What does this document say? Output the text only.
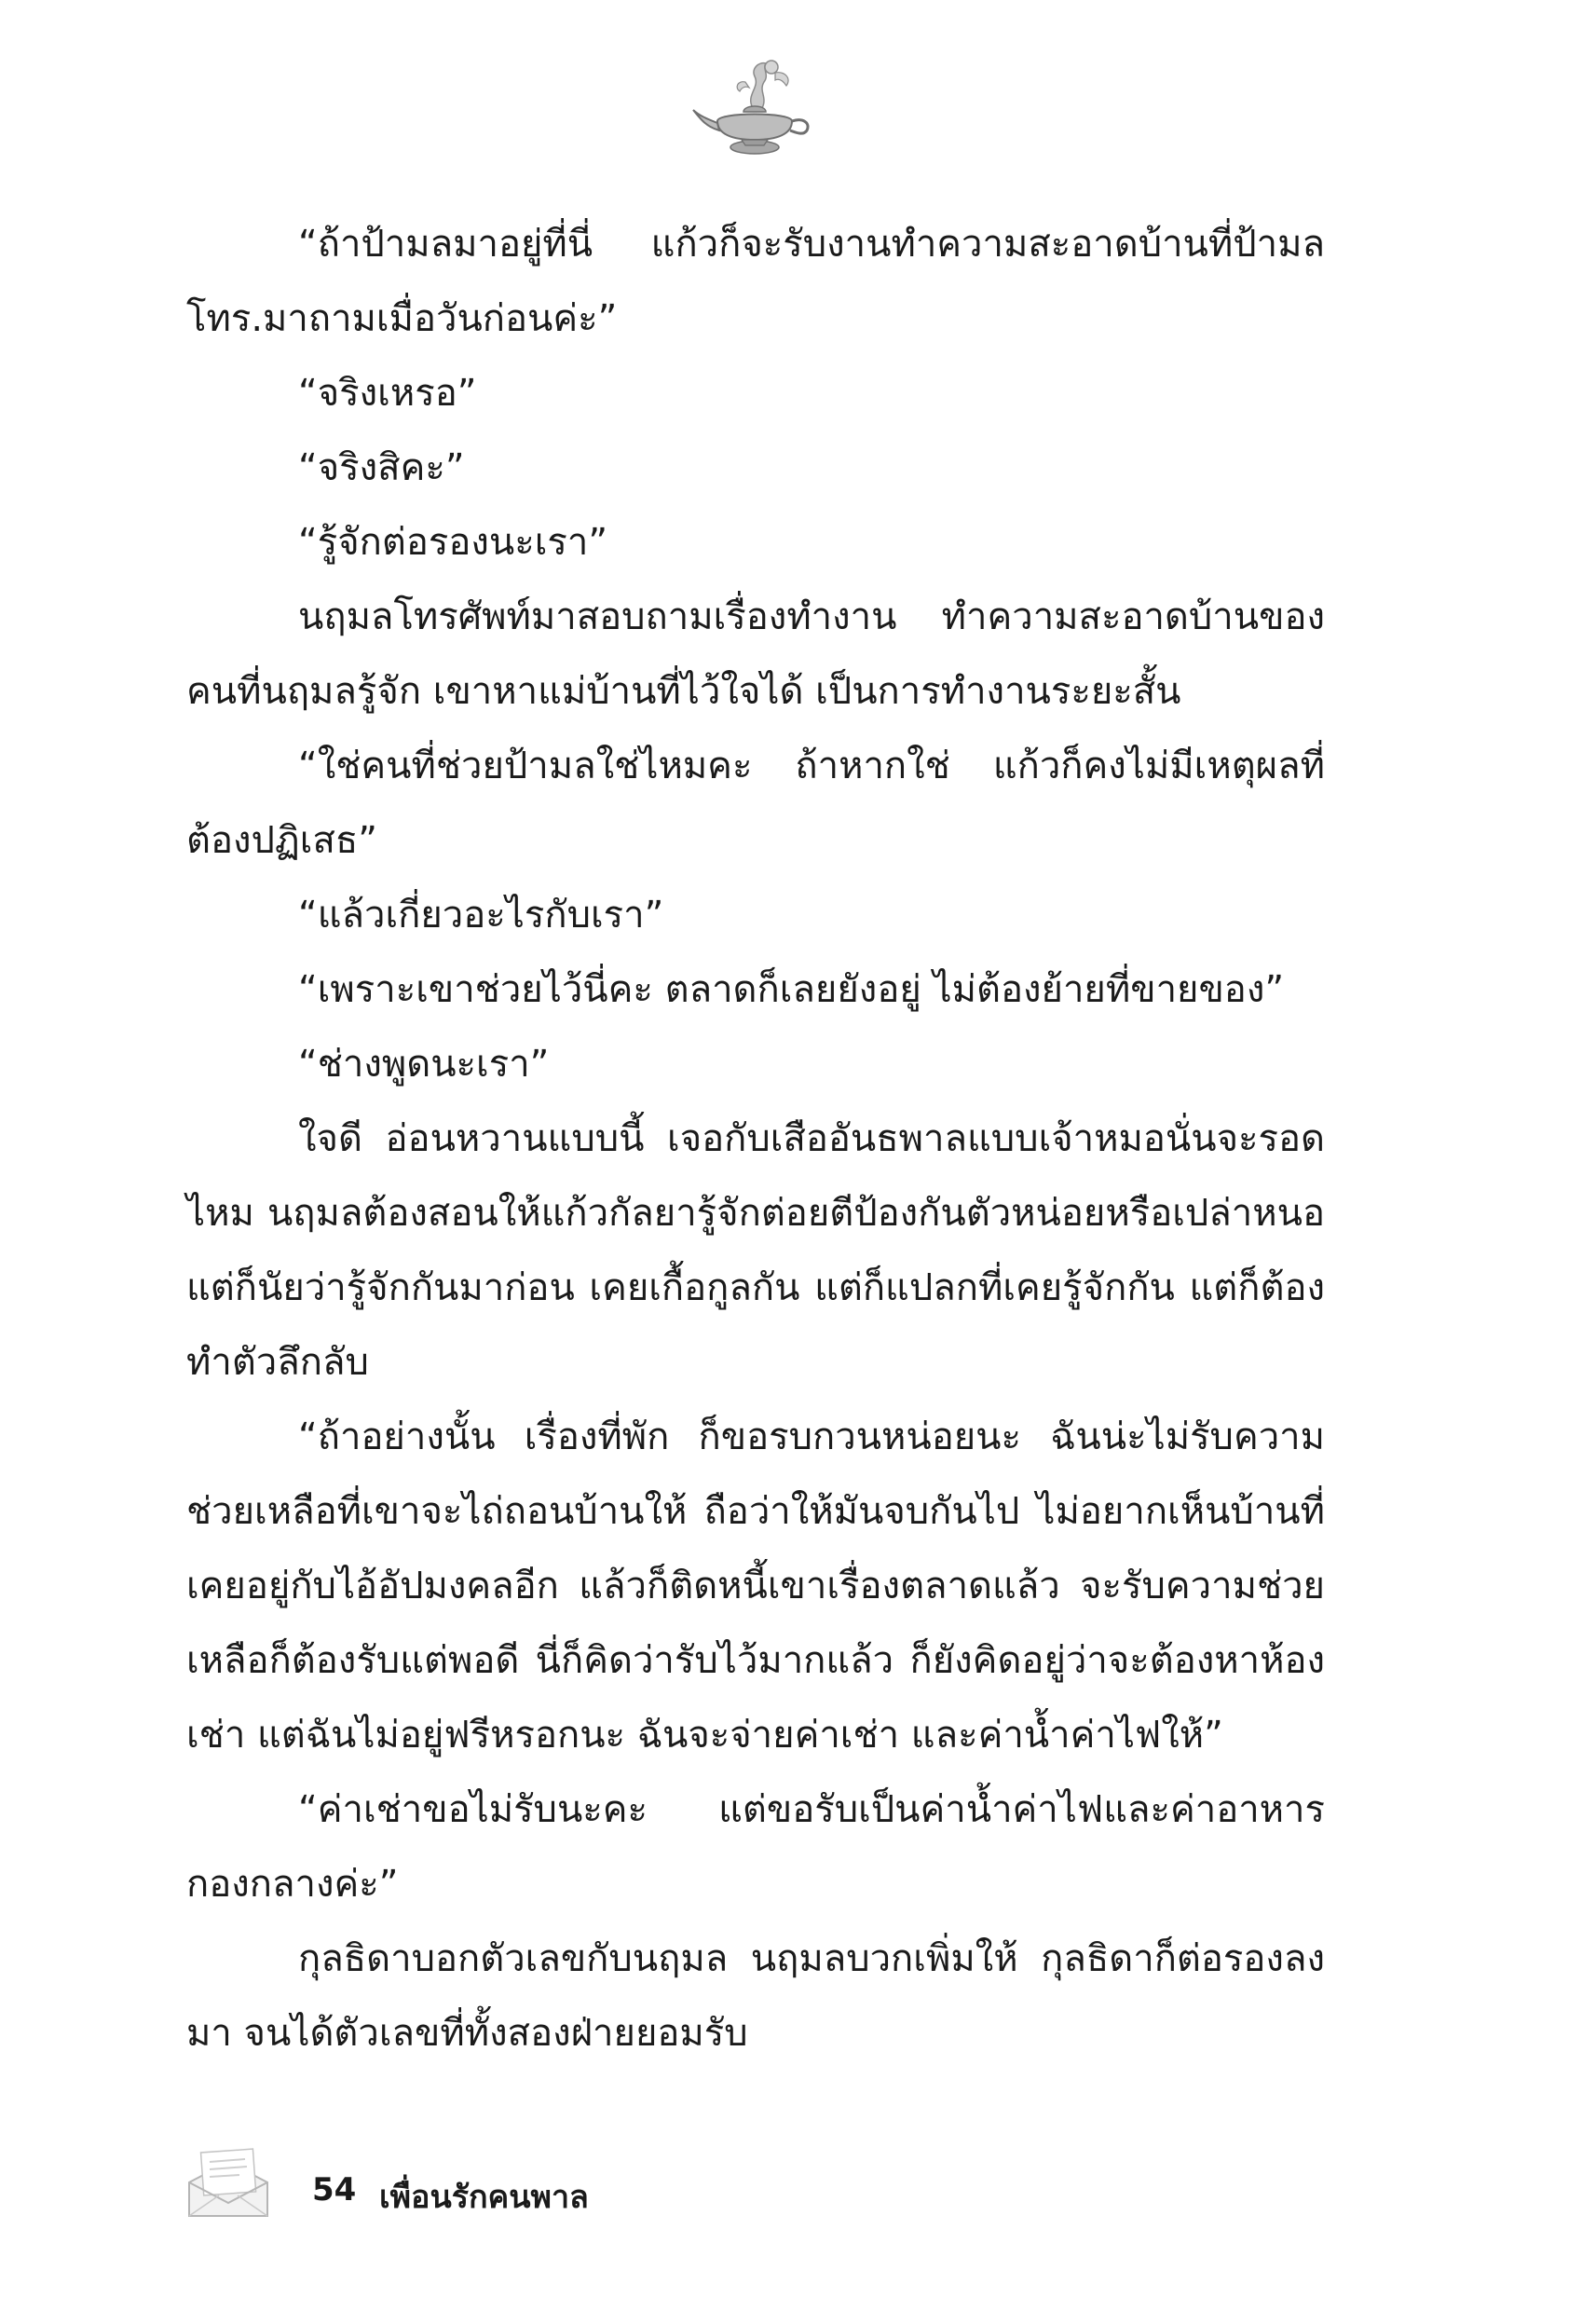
“ถ้าป้ามลมาอยู่ที่นี่ แก้วก็จะรับงานทำความสะอาดบ้านที่ป้ามลโทร.มาถามเมื่อวันก่อนค่ะ”

“จริงเหรอ”

“จริงสิคะ”

“รู้จักต่อรองนะเรา”

นฤมลโทรศัพท์มาสอบถามเรื่องทำงาน ทำความสะอาดบ้านของคนที่นฤมลรู้จัก เขาหาแม่บ้านที่ไว้ใจได้ เป็นการทำงานระยะสั้น

“ใช่คนที่ช่วยป้ามลใช่ไหมคะ ถ้าหากใช่ แก้วก็คงไม่มีเหตุผลที่ต้องปฏิเสธ”

“แล้วเกี่ยวอะไรกับเรา”

“เพราะเขาช่วยไว้นี่คะ ตลาดก็เลยยังอยู่ ไม่ต้องย้ายที่ขายของ”

“ช่างพูดนะเรา”

ใจดี อ่อนหวานแบบนี้ เจอกับเสืออันธพาลแบบเจ้าหมอนั่นจะรอดไหม นฤมลต้องสอนให้แก้วกัลยารู้จักต่อยตีป้องกันตัวหน่อยหรือเปล่าหนอ แต่ก็นัยว่ารู้จักกันมาก่อน เคยเกื้อกูลกัน แต่ก็แปลกที่เคยรู้จักกัน แต่ก็ต้องทำตัวลึกลับ

“ถ้าอย่างนั้น เรื่องที่พัก ก็ขอรบกวนหน่อยนะ ฉันน่ะไม่รับความช่วยเหลือที่เขาจะไถ่ถอนบ้านให้ ถือว่าให้มันจบกันไป ไม่อยากเห็นบ้านที่เคยอยู่กับไอ้อัปมงคลอีก แล้วก็ติดหนี้เขาเรื่องตลาดแล้ว จะรับความช่วยเหลือก็ต้องรับแต่พอดี นี่ก็คิดว่ารับไว้มากแล้ว ก็ยังคิดอยู่ว่าจะต้องหาห้องเช่า แต่ฉันไม่อยู่ฟรีหรอกนะ ฉันจะจ่ายค่าเช่า และค่าน้ำค่าไฟให้”

“ค่าเช่าขอไม่รับนะคะ แต่ขอรับเป็นค่าน้ำค่าไฟและค่าอาหารกองกลางค่ะ”

กุลธิดาบอกตัวเลขกับนฤมล นฤมลบวกเพิ่มให้ กุลธิดาก็ต่อรองลงมา จนได้ตัวเลขที่ทั้งสองฝ่ายยอมรับ

54 เพื่อนรักคนพาล
